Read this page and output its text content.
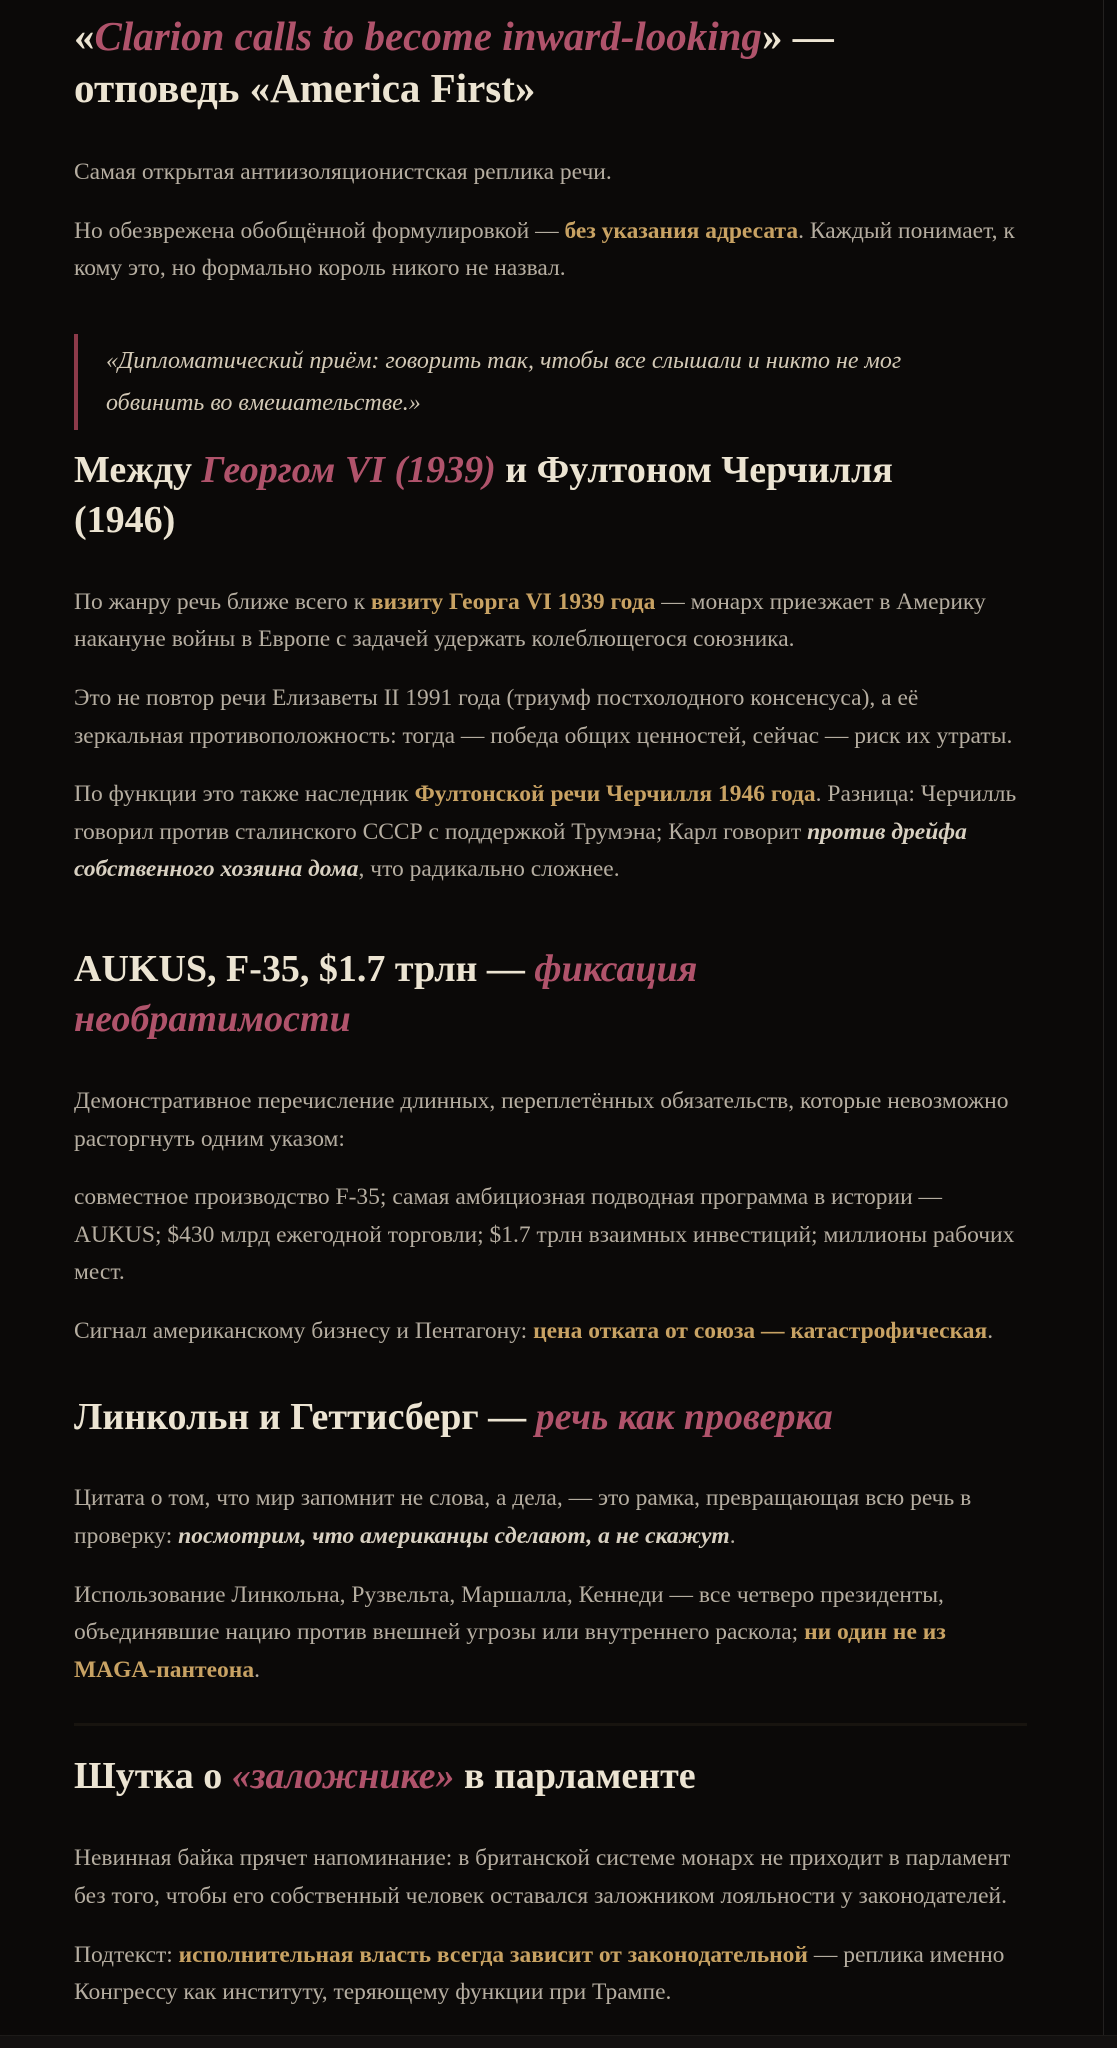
«Clarion calls to become inward-looking» — отповедь «America First»

Самая открытая антиизоляционистская реплика речи.

Но обезврежена обобщённой формулировкой — без указания адресата. Каждый понимает, к кому это, но формально король никого не назвал.

«Дипломатический приём: говорить так, чтобы все слышали и никто не мог обвинить во вмешательстве.»
Между Георгом VI (1939) и Фултоном Черчилля (1946)

По жанру речь ближе всего к визиту Георга VI 1939 года — монарх приезжает в Америку накануне войны в Европе с задачей удержать колеблющегося союзника.

Это не повтор речи Елизаветы II 1991 года (триумф постхолодного консенсуса), а её зеркальная противоположность: тогда — победа общих ценностей, сейчас — риск их утраты.

По функции это также наследник Фултонской речи Черчилля 1946 года. Разница: Черчилль говорил против сталинского СССР с поддержкой Трумэна; Карл говорит против дрейфа собственного хозяина дома, что радикально сложнее.

AUKUS, F-35, $1.7 трлн — фиксация необратимости

Демонстративное перечисление длинных, переплетённых обязательств, которые невозможно расторгнуть одним указом:

совместное производство F-35; самая амбициозная подводная программа в истории — AUKUS; $430 млрд ежегодной торговли; $1.7 трлн взаимных инвестиций; миллионы рабочих мест.

Сигнал американскому бизнесу и Пентагону: цена отката от союза — катастрофическая.

Линкольн и Геттисберг — речь как проверка

Цитата о том, что мир запомнит не слова, а дела, — это рамка, превращающая всю речь в проверку: посмотрим, что американцы сделают, а не скажут.

Использование Линкольна, Рузвельта, Маршалла, Кеннеди — все четверо президенты, объединявшие нацию против внешней угрозы или внутреннего раскола; ни один не из MAGA-пантеона.

Шутка о «заложнике» в парламенте

Невинная байка прячет напоминание: в британской системе монарх не приходит в парламент без того, чтобы его собственный человек оставался заложником лояльности у законодателей.

Подтекст: исполнительная власть всегда зависит от законодательной — реплика именно Конгрессу как институту, теряющему функции при Трампе.
